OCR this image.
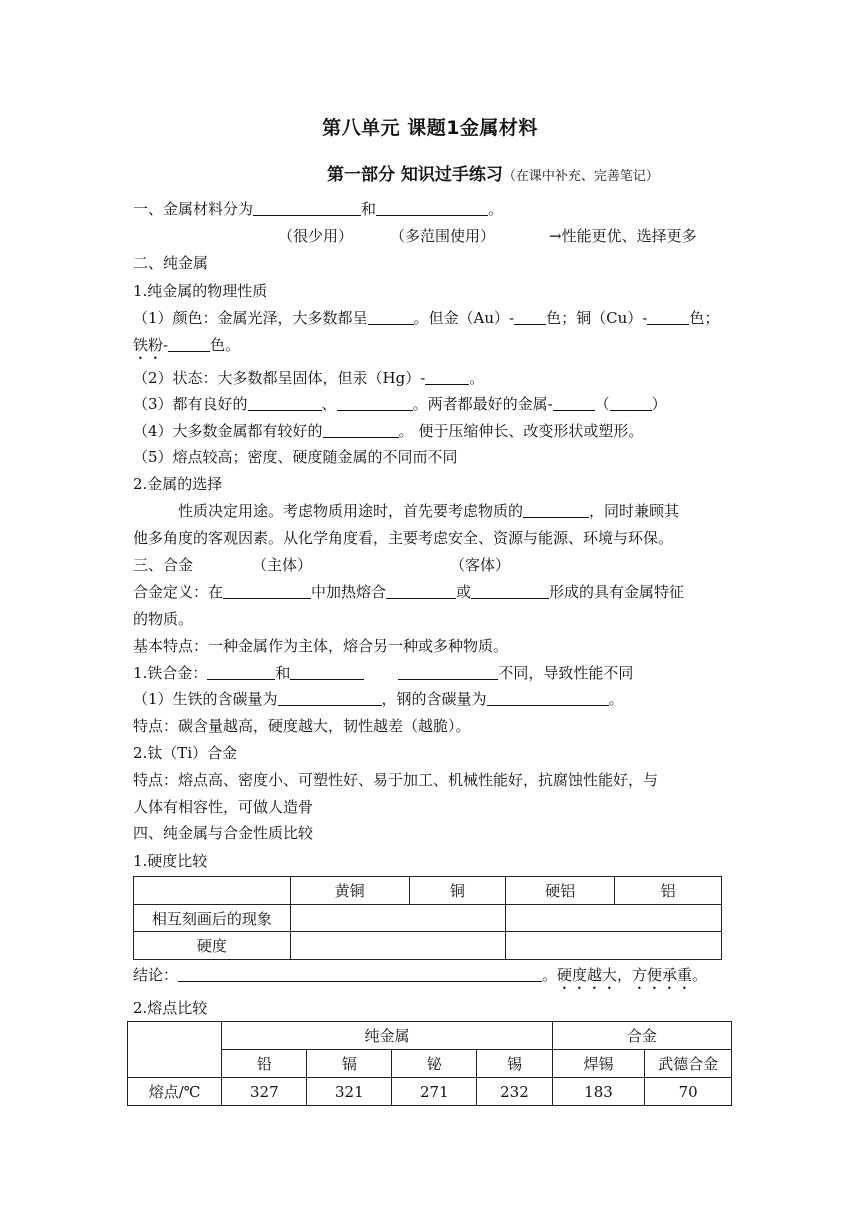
第八单元 课题1金属材料
第一部分 知识过手练习（在课中补充、完善笔记）
一、金属材料分为	和	。
（很少用） （多范围使用）	→性能更优、选择更多
二、纯金属
1.纯金属的物理性质
（1）颜色：金属光泽，大多数都呈	。但金（Au）- 色；铜（Cu）-	色；
铁粉-	色。
（2）状态：大多数都呈固体，但汞（Hg）-	。
（3）都有良好的	、	。两者都最好的金属-	（	）
（4）大多数金属都有较好的	。 便于压缩伸长、改变形状或塑形。
（5）熔点较高；密度、硬度随金属的不同而不同
2.金属的选择
性质决定用途。考虑物质用途时，首先要考虑物质的	，同时兼顾其
他多角度的客观因素。从化学角度看，主要考虑安全、资源与能源、环境与环保。
三、合金	（主体）	（客体）
合金定义：在	中加热熔合	或	形成的具有金属特征
的物质。
基本特点：一种金属作为主体，熔合另一种或多种物质。
1.铁合金：	和	不同，导致性能不同
（1）生铁的含碳量为	，钢的含碳量为	。
特点：碳含量越高，硬度越大，韧性越差（越脆）。
2.钛（Ti）合金
特点：熔点高、密度小、可塑性好、易于加工、机械性能好，抗腐蚀性能好，与
人体有相容性，可做人造骨
四、纯金属与合金性质比较
1.硬度比较
	黄铜	铜	硬铝	铝
相互刻画后的现象				
硬度				
结论：	。硬度越大，方便承重。
2.熔点比较
	纯金属				合金	
	铅	镉	铋	锡	焊锡	武德合金
熔点/℃	327	321	271	232	183	70
